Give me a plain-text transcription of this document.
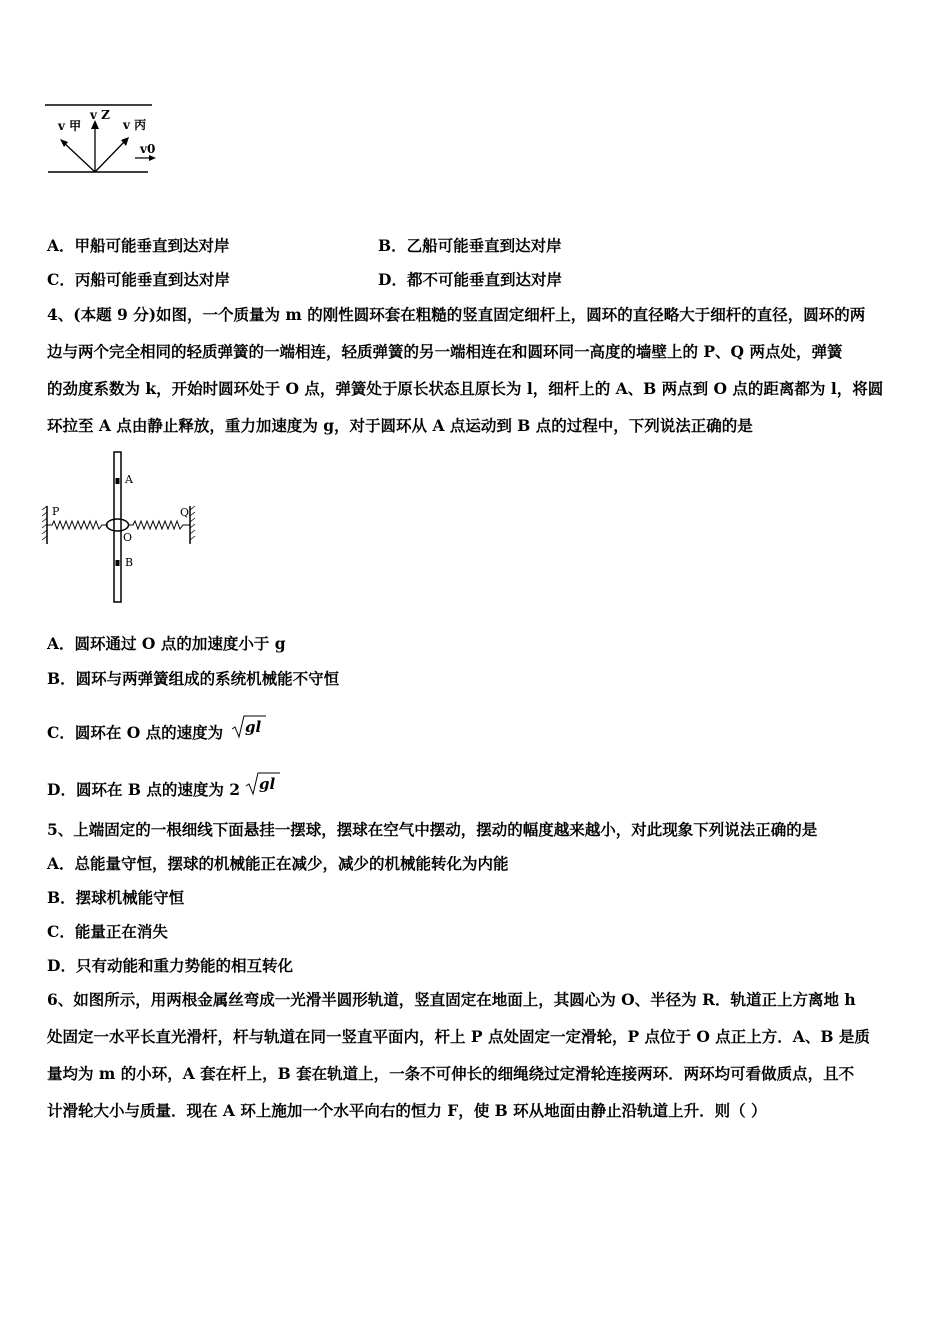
v 甲
v Z
v 丙
v0
A．甲船可能垂直到达对岸	B．乙船可能垂直到达对岸
C．丙船可能垂直到达对岸	D．都不可能垂直到达对岸
4、(本题 9 分)如图，一个质量为 m 的刚性圆环套在粗糙的竖直固定细杆上，圆环的直径略大于细杆的直径，圆环的两
边与两个完全相同的轻质弹簧的一端相连，轻质弹簧的另一端相连在和圆环同一高度的墙壁上的 P、Q 两点处，弹簧
的劲度系数为 k，开始时圆环处于 O 点，弹簧处于原长状态且原长为 l，细杆上的 A、B 两点到 O 点的距离都为 l，将圆
环拉至 A 点由静止释放，重力加速度为 g，对于圆环从 A 点运动到 B 点的过程中，下列说法正确的是
A
P	Q
O
B
A．圆环通过 O 点的加速度小于 g
B．圆环与两弹簧组成的系统机械能不守恒
C．圆环在 O 点的速度为 gl
D．圆环在 B 点的速度为 2 gl
5、上端固定的一根细线下面悬挂一摆球，摆球在空气中摆动，摆动的幅度越来越小，对此现象下列说法正确的是
A．总能量守恒，摆球的机械能正在减少，减少的机械能转化为内能
B．摆球机械能守恒
C．能量正在消失
D．只有动能和重力势能的相互转化
6、如图所示，用两根金属丝弯成一光滑半圆形轨道，竖直固定在地面上，其圆心为 O、半径为 R．轨道正上方离地 h
处固定一水平长直光滑杆，杆与轨道在同一竖直平面内，杆上 P 点处固定一定滑轮，P 点位于 O 点正上方．A、B 是质
量均为 m 的小环，A 套在杆上，B 套在轨道上，一条不可伸长的细绳绕过定滑轮连接两环．两环均可看做质点，且不
计滑轮大小与质量．现在 A 环上施加一个水平向右的恒力 F，使 B 环从地面由静止沿轨道上升．则（ ）
